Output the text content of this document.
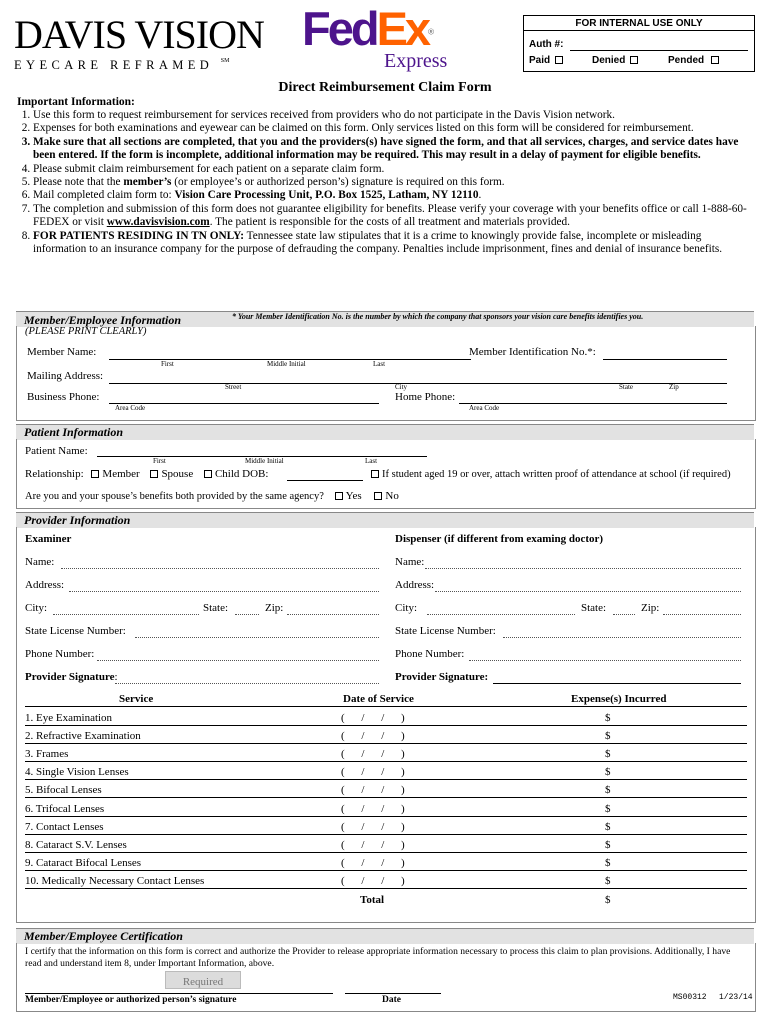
DAVIS VISION
EYECARE REFRAMED ℠
FedEx®
Express
FOR INTERNAL USE ONLY
Auth #:
Paid	Denied	Pended
Direct Reimbursement Claim Form
Important Information:
1. Use this form to request reimbursement for services received from providers who do not participate in the Davis Vision network.
2. Expenses for both examinations and eyewear can be claimed on this form. Only services listed on this form will be considered for reimbursement.
3. Make sure that all sections are completed, that you and the providers(s) have signed the form, and that all services, charges, and service dates have been entered. If the form is incomplete, additional information may be required. This may result in a delay of payment for eligible benefits.
4. Please submit claim reimbursement for each patient on a separate claim form.
5. Please note that the member’s (or employee’s or authorized person’s) signature is required on this form.
6. Mail completed claim form to: Vision Care Processing Unit, P.O. Box 1525, Latham, NY 12110.
7. The completion and submission of this form does not guarantee eligibility for benefits. Please verify your coverage with your benefits office or call 1-888-60-FEDEX or visit www.davisvision.com. The patient is responsible for the costs of all treatment and materials provided.
8. FOR PATIENTS RESIDING IN TN ONLY: Tennessee state law stipulates that it is a crime to knowingly provide false, incomplete or misleading information to an insurance company for the purpose of defrauding the company. Penalties include imprisonment, fines and denial of insurance benefits.
Member/Employee Information	* Your Member Identification No. is the number by which the company that sponsors your vision care benefits identifies you.
(PLEASE PRINT CLEARLY)
Member Name:
First	Middle Initial	Last
Member Identification No.*:
Mailing Address:
Street	City	State	Zip
Business Phone:
Area Code
Home Phone:
Area Code
Patient Information
Patient Name:
First	Middle Initial	Last
Relationship: Member Spouse Child DOB:	If student aged 19 or over, attach written proof of attendance at school (if required)
Are you and your spouse’s benefits both provided by the same agency? Yes No
Provider Information
Examiner	Dispenser (if different from examing doctor)
Name:	Name:
Address:	Address:
City:	State:	Zip:	City:	State:	Zip:
State License Number:	State License Number:
Phone Number:	Phone Number:
Provider Signature:	Provider Signature:
Service	Date of Service	Expense(s) Incurred
1. Eye Examination	( / / )	$
2. Refractive Examination	( / / )	$
3. Frames	( / / )	$
4. Single Vision Lenses	( / / )	$
5. Bifocal Lenses	( / / )	$
6. Trifocal Lenses	( / / )	$
7. Contact Lenses	( / / )	$
8. Cataract S.V. Lenses	( / / )	$
9. Cataract Bifocal Lenses	( / / )	$
10. Medically Necessary Contact Lenses	( / / )	$
Total	$
Member/Employee Certification
I certify that the information on this form is correct and authorize the Provider to release appropriate information necessary to process this claim to plan provisions. Additionally, I have read and understand item 8, under Important Information, above.
Required
Member/Employee or authorized person’s signature	Date	MS00312 1/23/14
